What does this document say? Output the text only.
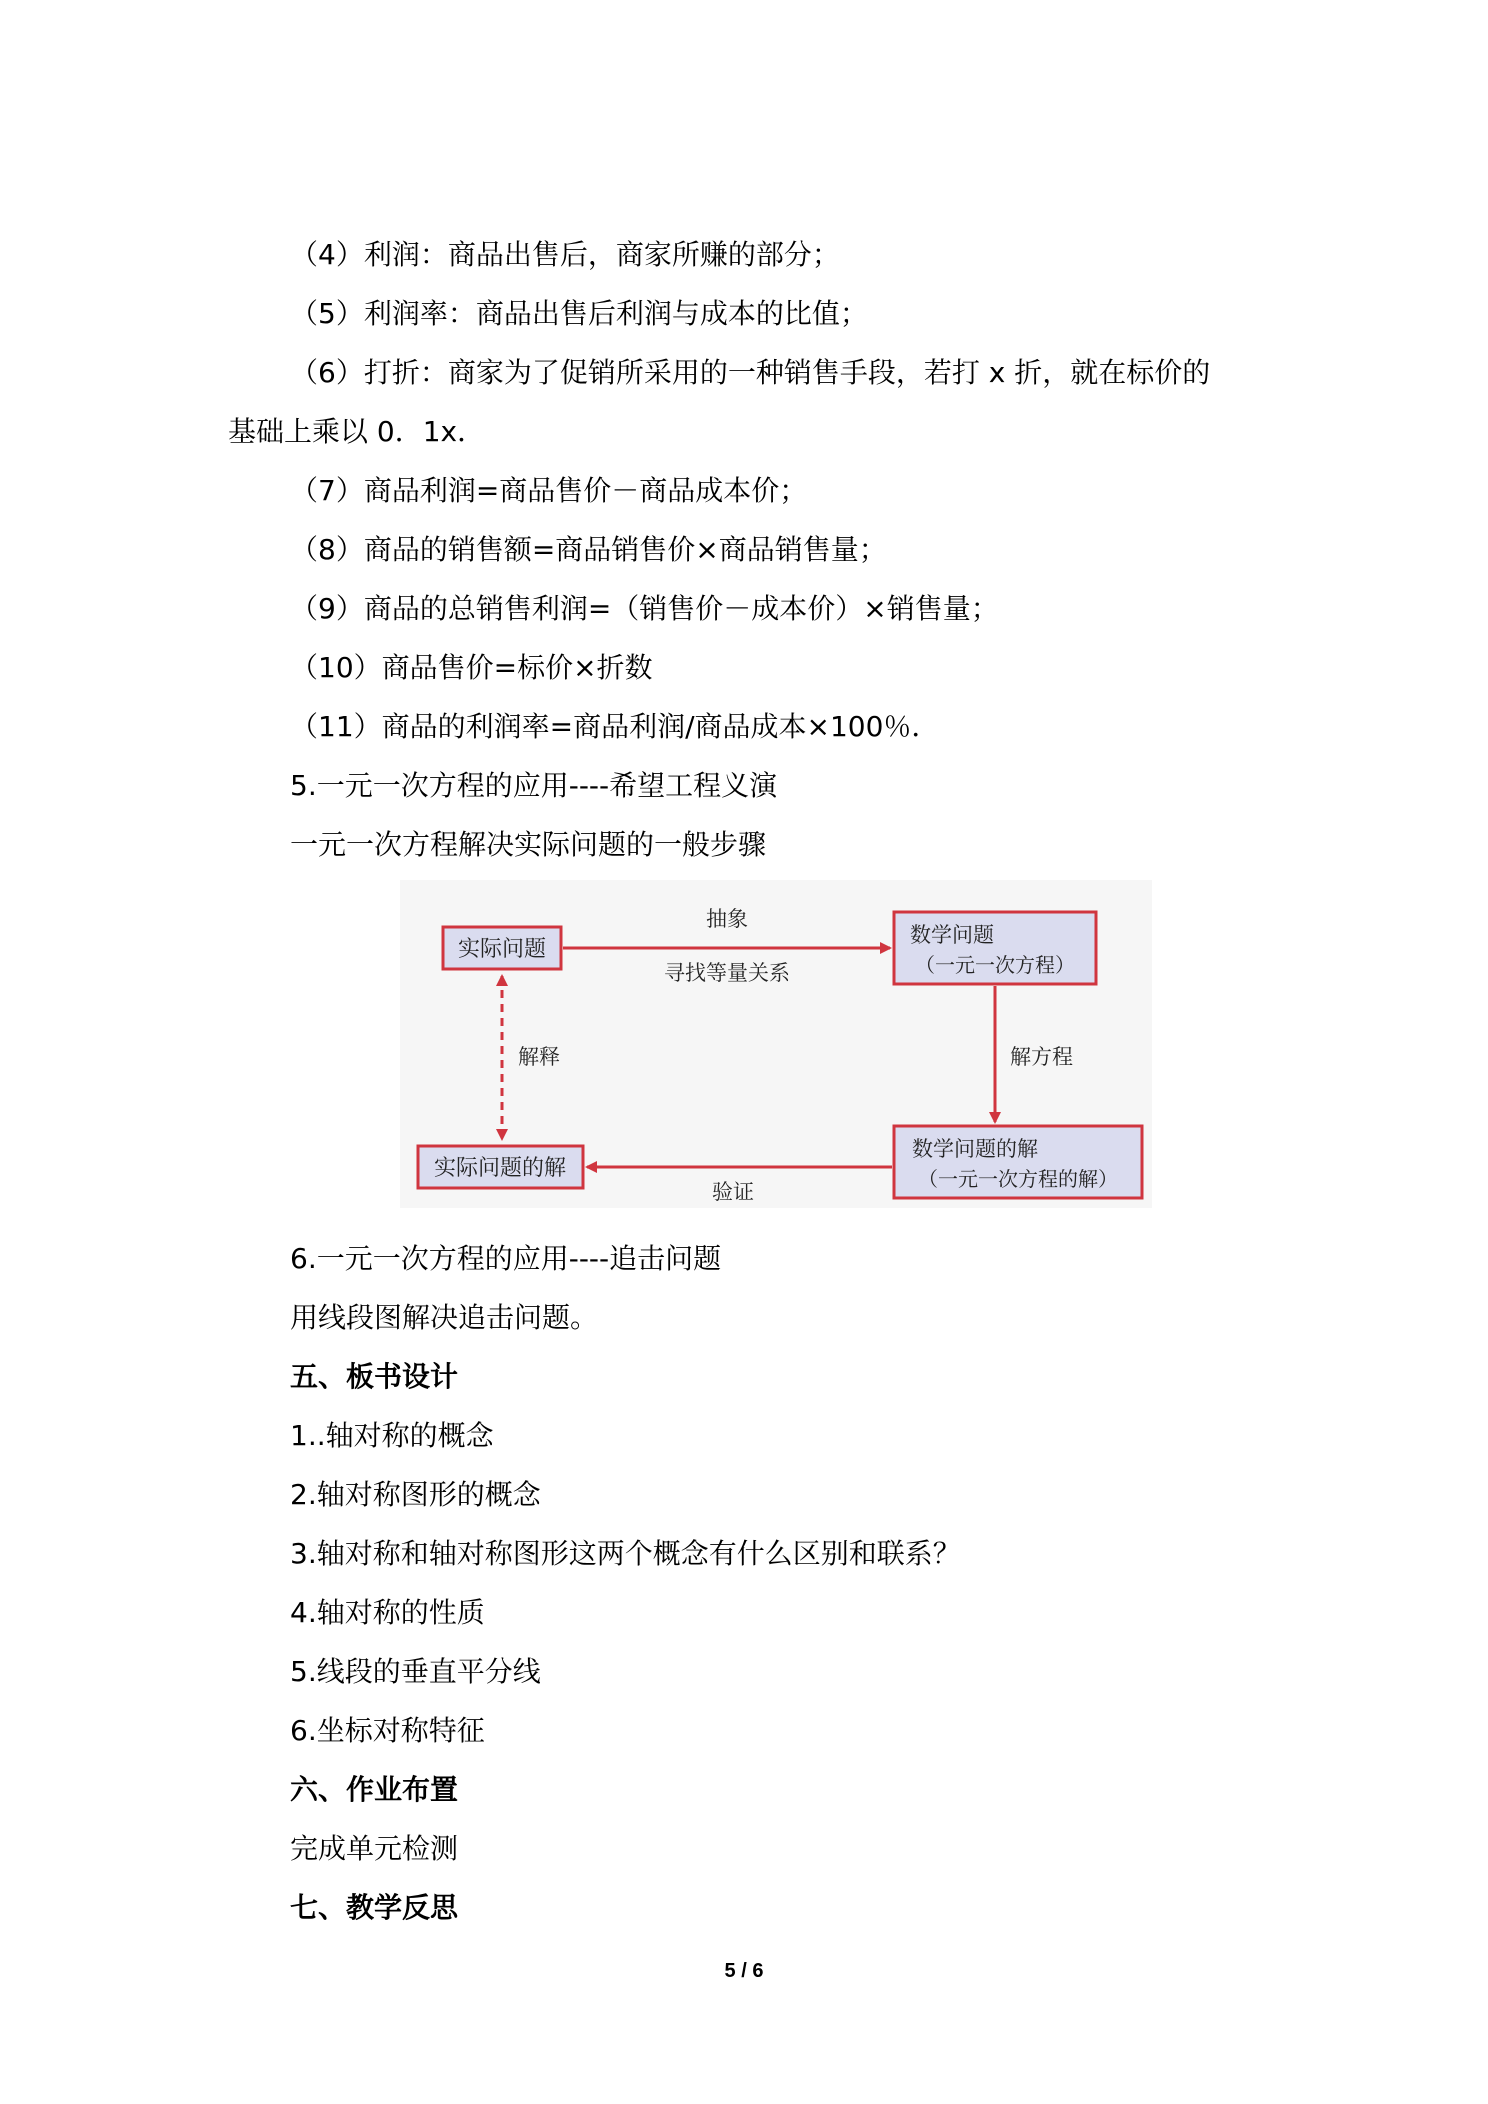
（4）利润：商品出售后，商家所赚的部分；
（5）利润率：商品出售后利润与成本的比值；
（6）打折：商家为了促销所采用的一种销售手段，若打 x 折，就在标价的
基础上乘以 0．1x．
（7）商品利润=商品售价－商品成本价；
（8）商品的销售额=商品销售价×商品销售量；
（9）商品的总销售利润=（销售价－成本价）×销售量；
（10）商品售价=标价×折数
（11）商品的利润率=商品利润/商品成本×100％．
5.一元一次方程的应用----希望工程义演
一元一次方程解决实际问题的一般步骤
实际问题
数学问题
（一元一次方程）
数学问题的解
（一元一次方程的解）
实际问题的解
抽象
寻找等量关系
解方程
验证
解释
6.一元一次方程的应用----追击问题
用线段图解决追击问题。
五、板书设计
1..轴对称的概念
2.轴对称图形的概念
3.轴对称和轴对称图形这两个概念有什么区别和联系？
4.轴对称的性质
5.线段的垂直平分线
6.坐标对称特征
六、作业布置
完成单元检测
七、教学反思
5 / 6
